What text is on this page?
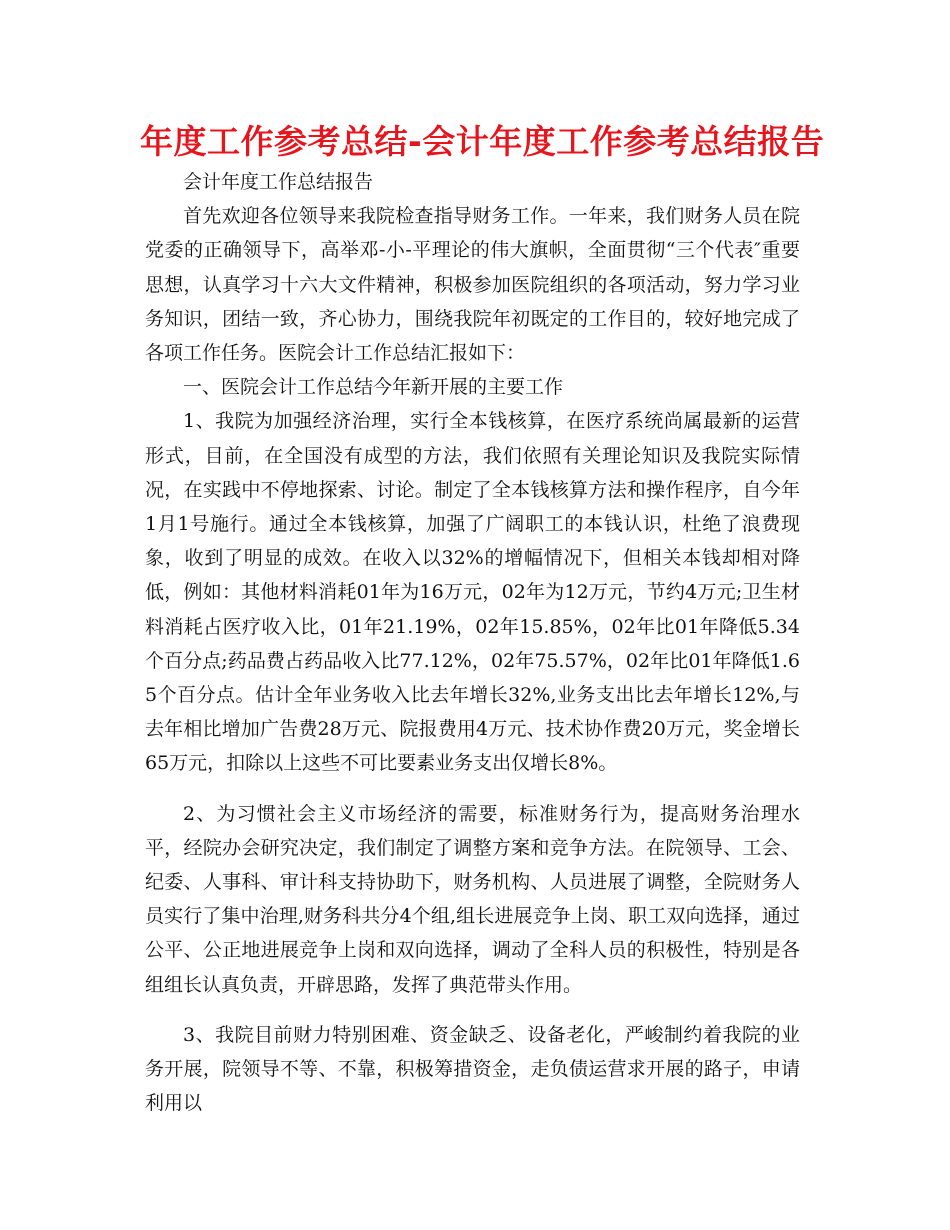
年度工作参考总结-会计年度工作参考总结报告

会计年度工作总结报告

首先欢迎各位领导来我院检查指导财务工作。一年来，我们财务人员在院党委的正确领导下，高举邓-小-平理论的伟大旗帜，全面贯彻“三个代表″重要思想，认真学习十六大文件精神，积极参加医院组织的各项活动，努力学习业务知识，团结一致，齐心协力，围绕我院年初既定的工作目的，较好地完成了各项工作任务。医院会计工作总结汇报如下：

一、医院会计工作总结今年新开展的主要工作

1、我院为加强经济治理，实行全本钱核算，在医疗系统尚属最新的运营形式，目前，在全国没有成型的方法，我们依照有关理论知识及我院实际情况，在实践中不停地探索、讨论。制定了全本钱核算方法和操作程序，自今年1月1号施行。通过全本钱核算，加强了广阔职工的本钱认识，杜绝了浪费现象，收到了明显的成效。在收入以32%的增幅情况下，但相关本钱却相对降低，例如：其他材料消耗01年为16万元，02年为12万元，节约4万元;卫生材料消耗占医疗收入比，01年21.19%，02年15.85%，02年比01年降低5.34个百分点;药品费占药品收入比77.12%，02年75.57%，02年比01年降低1.65个百分点。估计全年业务收入比去年增长32%,业务支出比去年增长12%,与去年相比增加广告费28万元、院报费用4万元、技术协作费20万元，奖金增长65万元，扣除以上这些不可比要素业务支出仅增长8%。

2、为习惯社会主义市场经济的需要，标准财务行为，提高财务治理水平，经院办会研究决定，我们制定了调整方案和竞争方法。在院领导、工会、纪委、人事科、审计科支持协助下，财务机构、人员进展了调整，全院财务人员实行了集中治理,财务科共分4个组,组长进展竞争上岗、职工双向选择，通过公平、公正地进展竞争上岗和双向选择，调动了全科人员的积极性，特别是各组组长认真负责，开辟思路，发挥了典范带头作用。

3、我院目前财力特别困难、资金缺乏、设备老化，严峻制约着我院的业务开展，院领导不等、不靠，积极筹措资金，走负债运营求开展的路子，申请利用以
